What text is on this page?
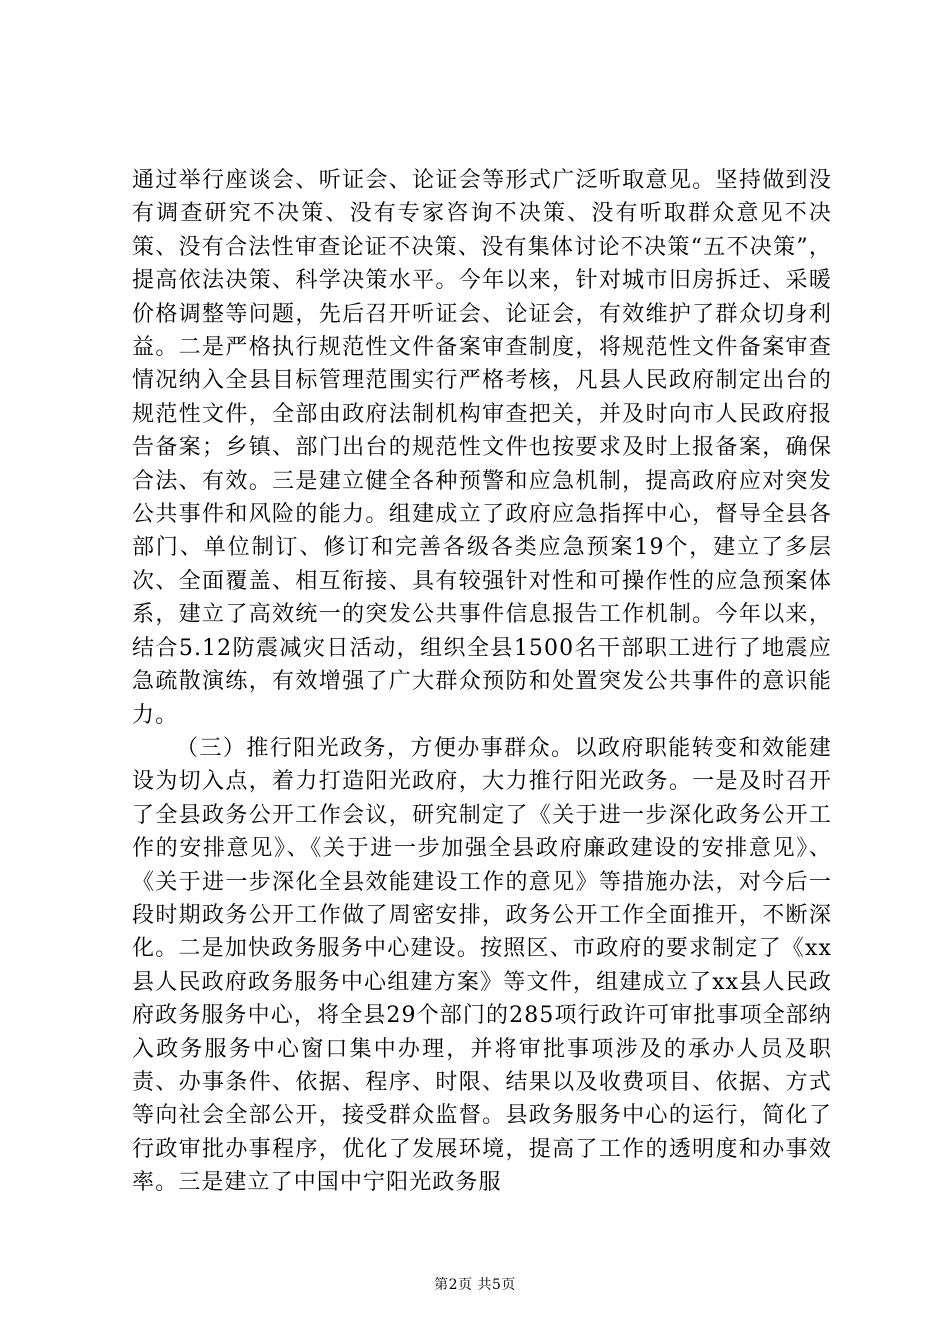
通过举行座谈会、听证会、论证会等形式广泛听取意见。坚持做到没有调查研究不决策、没有专家咨询不决策、没有听取群众意见不决策、没有合法性审查论证不决策、没有集体讨论不决策“五不决策”，提高依法决策、科学决策水平。今年以来，针对城市旧房拆迁、采暖价格调整等问题，先后召开听证会、论证会，有效维护了群众切身利益。二是严格执行规范性文件备案审查制度，将规范性文件备案审查情况纳入全县目标管理范围实行严格考核，凡县人民政府制定出台的规范性文件，全部由政府法制机构审查把关，并及时向市人民政府报告备案；乡镇、部门出台的规范性文件也按要求及时上报备案，确保合法、有效。三是建立健全各种预警和应急机制，提高政府应对突发公共事件和风险的能力。组建成立了政府应急指挥中心，督导全县各部门、单位制订、修订和完善各级各类应急预案19个，建立了多层次、全面覆盖、相互衔接、具有较强针对性和可操作性的应急预案体系，建立了高效统一的突发公共事件信息报告工作机制。今年以来，结合5.12防震减灾日活动，组织全县1500名干部职工进行了地震应急疏散演练，有效增强了广大群众预防和处置突发公共事件的意识能力。

（三）推行阳光政务，方便办事群众。以政府职能转变和效能建设为切入点，着力打造阳光政府，大力推行阳光政务。一是及时召开了全县政务公开工作会议，研究制定了《关于进一步深化政务公开工作的安排意见》、《关于进一步加强全县政府廉政建设的安排意见》、《关于进一步深化全县效能建设工作的意见》等措施办法，对今后一段时期政务公开工作做了周密安排，政务公开工作全面推开，不断深化。二是加快政务服务中心建设。按照区、市政府的要求制定了《xx县人民政府政务服务中心组建方案》等文件，组建成立了xx县人民政府政务服务中心，将全县29个部门的285项行政许可审批事项全部纳入政务服务中心窗口集中办理，并将审批事项涉及的承办人员及职责、办事条件、依据、程序、时限、结果以及收费项目、依据、方式等向社会全部公开，接受群众监督。县政务服务中心的运行，简化了行政审批办事程序，优化了发展环境，提高了工作的透明度和办事效率。三是建立了中国中宁阳光政务服

第2页 共5页
